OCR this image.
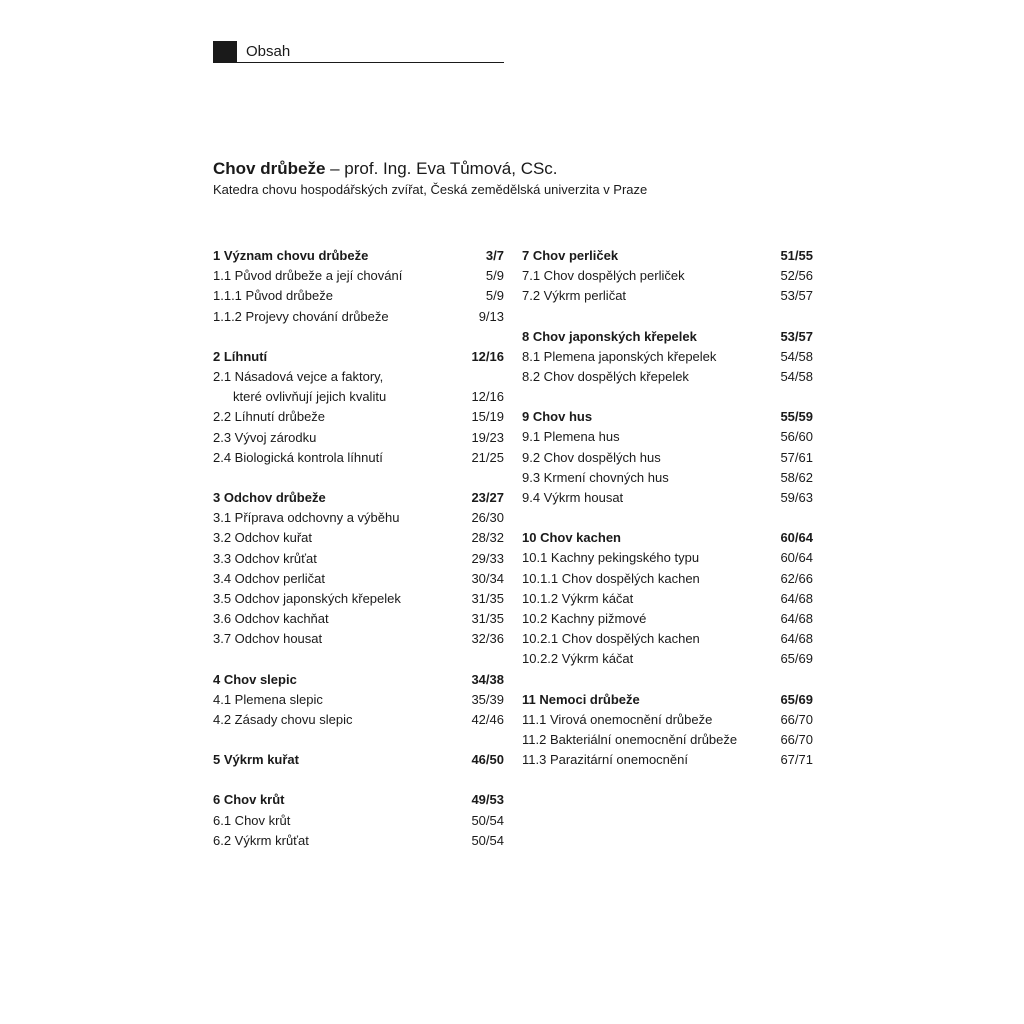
Obsah
Chov drůbeže – prof. Ing. Eva Tůmová, CSc.
Katedra chovu hospodářských zvířat, Česká zemědělská univerzita v Praze
1 Význam chovu drůbeže	3/7
1.1 Původ drůbeže a její chování	5/9
1.1.1 Původ drůbeže	5/9
1.1.2 Projevy chování drůbeže	9/13
2 Líhnutí	12/16
2.1 Násadová vejce a faktory,
které ovlivňují jejich kvalitu	12/16
2.2 Líhnutí drůbeže	15/19
2.3 Vývoj zárodku	19/23
2.4 Biologická kontrola líhnutí	21/25
3 Odchov drůbeže	23/27
3.1 Příprava odchovny a výběhu	26/30
3.2 Odchov kuřat	28/32
3.3 Odchov krůťat	29/33
3.4 Odchov perličat	30/34
3.5 Odchov japonských křepelek	31/35
3.6 Odchov kachňat	31/35
3.7 Odchov housat	32/36
4 Chov slepic	34/38
4.1 Plemena slepic	35/39
4.2 Zásady chovu slepic	42/46
5 Výkrm kuřat	46/50
6 Chov krůt	49/53
6.1 Chov krůt	50/54
6.2 Výkrm krůťat	50/54
7 Chov perliček	51/55
7.1 Chov dospělých perliček	52/56
7.2 Výkrm perličat	53/57
8 Chov japonských křepelek	53/57
8.1 Plemena japonských křepelek	54/58
8.2 Chov dospělých křepelek	54/58
9 Chov hus	55/59
9.1 Plemena hus	56/60
9.2 Chov dospělých hus	57/61
9.3 Krmení chovných hus	58/62
9.4 Výkrm housat	59/63
10 Chov kachen	60/64
10.1 Kachny pekingského typu	60/64
10.1.1 Chov dospělých kachen	62/66
10.1.2 Výkrm káčat	64/68
10.2 Kachny pižmové	64/68
10.2.1 Chov dospělých kachen	64/68
10.2.2 Výkrm káčat	65/69
11 Nemoci drůbeže	65/69
11.1 Virová onemocnění drůbeže	66/70
11.2 Bakteriální onemocnění drůbeže	66/70
11.3 Parazitární onemocnění	67/71
